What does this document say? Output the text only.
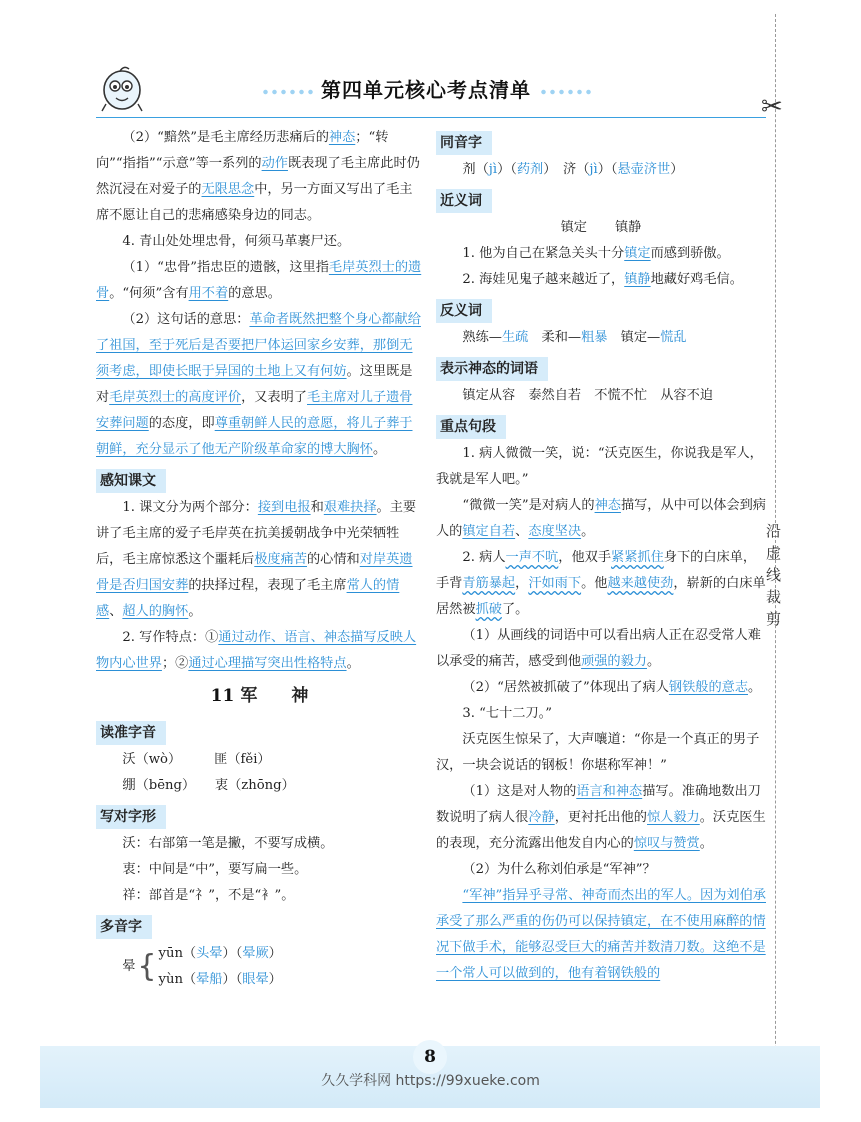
第四单元核心考点清单

（2）“黯然”是毛主席经历悲痛后的神态；“转向”“指指”“示意”等一系列的动作既表现了毛主席此时仍然沉浸在对爱子的无限思念中，另一方面又写出了毛主席不愿让自己的悲痛感染身边的同志。

4. 青山处处埋忠骨，何须马革裹尸还。

（1）“忠骨”指忠臣的遗骸，这里指毛岸英烈士的遗骨。“何须”含有用不着的意思。

（2）这句话的意思：革命者既然把整个身心都献给了祖国，至于死后是否要把尸体运回家乡安葬，那倒无须考虑，即使长眠于异国的土地上又有何妨。这里既是对毛岸英烈士的高度评价，又表明了毛主席对儿子遗骨安葬问题的态度，即尊重朝鲜人民的意愿，将儿子葬于朝鲜，充分显示了他无产阶级革命家的博大胸怀。

感知课文

1. 课文分为两个部分：接到电报和艰难抉择。主要讲了毛主席的爱子毛岸英在抗美援朝战争中光荣牺牲后，毛主席惊悉这个噩耗后极度痛苦的心情和对岸英遗骨是否归国安葬的抉择过程，表现了毛主席常人的情感、超人的胸怀。

2. 写作特点：①通过动作、语言、神态描写反映人物内心世界；②通过心理描写突出性格特点。

11 军　　神
读准字音

沃（wò）　　　	匪（fěi）

绷（bēng）　　 衷（zhōng）

写对字形

沃：右部第一笔是撇，不要写成横。

衷：中间是“中”，要写扁一些。

祥：部首是“礻”，不是“衤”。

多音字
晕 { yūn（头晕）（晕厥）

yùn（晕船）（眼晕）

同音字

剂（jì）（药剂）　济（jì）（悬壶济世）

近义词

镇定 镇静

1. 他为自己在紧急关头十分镇定而感到骄傲。

2. 海娃见鬼子越来越近了，镇静地藏好鸡毛信。

反义词

熟练—生疏　柔和—粗暴　镇定—慌乱

表示神态的词语

镇定从容　泰然自若　不慌不忙　从容不迫

重点句段

1. 病人微微一笑，说：“沃克医生，你说我是军人，我就是军人吧。”

“微微一笑”是对病人的神态描写，从中可以体会到病人的镇定自若、态度坚决。

2. 病人一声不吭，他双手紧紧抓住身下的白床单，手背青筋暴起，汗如雨下。他越来越使劲，崭新的白床单居然被抓破了。

（1）从画线的词语中可以看出病人正在忍受常人难以承受的痛苦，感受到他顽强的毅力。

（2）“居然被抓破了”体现出了病人钢铁般的意志。

3. “七十二刀。”

沃克医生惊呆了，大声嚷道：“你是一个真正的男子汉，一块会说话的钢板！你堪称军神！”

（1）这是对人物的语言和神态描写。准确地数出刀数说明了病人很冷静，更衬托出他的惊人毅力。沃克医生的表现，充分流露出他发自内心的惊叹与赞赏。

（2）为什么称刘伯承是“军神”？

“军神”指异乎寻常、神奇而杰出的军人。因为刘伯承承受了那么严重的伤仍可以保持镇定，在不使用麻醉的情况下做手术，能够忍受巨大的痛苦并数清刀数。这绝不是一个常人可以做到的，他有着钢铁般的

✂
沿虚线裁剪
8
久久学科网 https://99xueke.com
